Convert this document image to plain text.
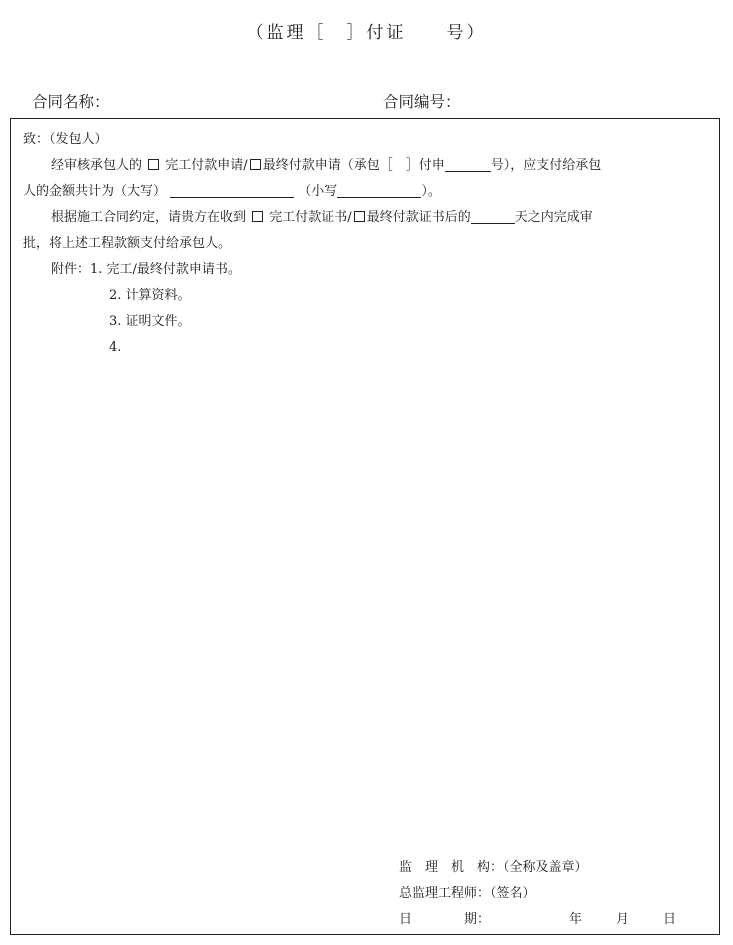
（监理［　］付证　　号）
合同名称：	合同编号：
致：（发包人）
经审核承包人的 完工付款申请/ 最终付款申请（承包［　］付申	号），应支付给承包
人的金额共计为（大写）	（小写	）。
根据施工合同约定，请贵方在收到 完工付款证书/ 最终付款证书后的	天之内完成审
批，将上述工程款额支付给承包人。
附件：1. 完工/最终付款申请书。
2. 计算资料。
3. 证明文件。
4.
监　理　机　构：（全称及盖章）
总监理工程师：（签名）
日　　　　期：	年	月	日
